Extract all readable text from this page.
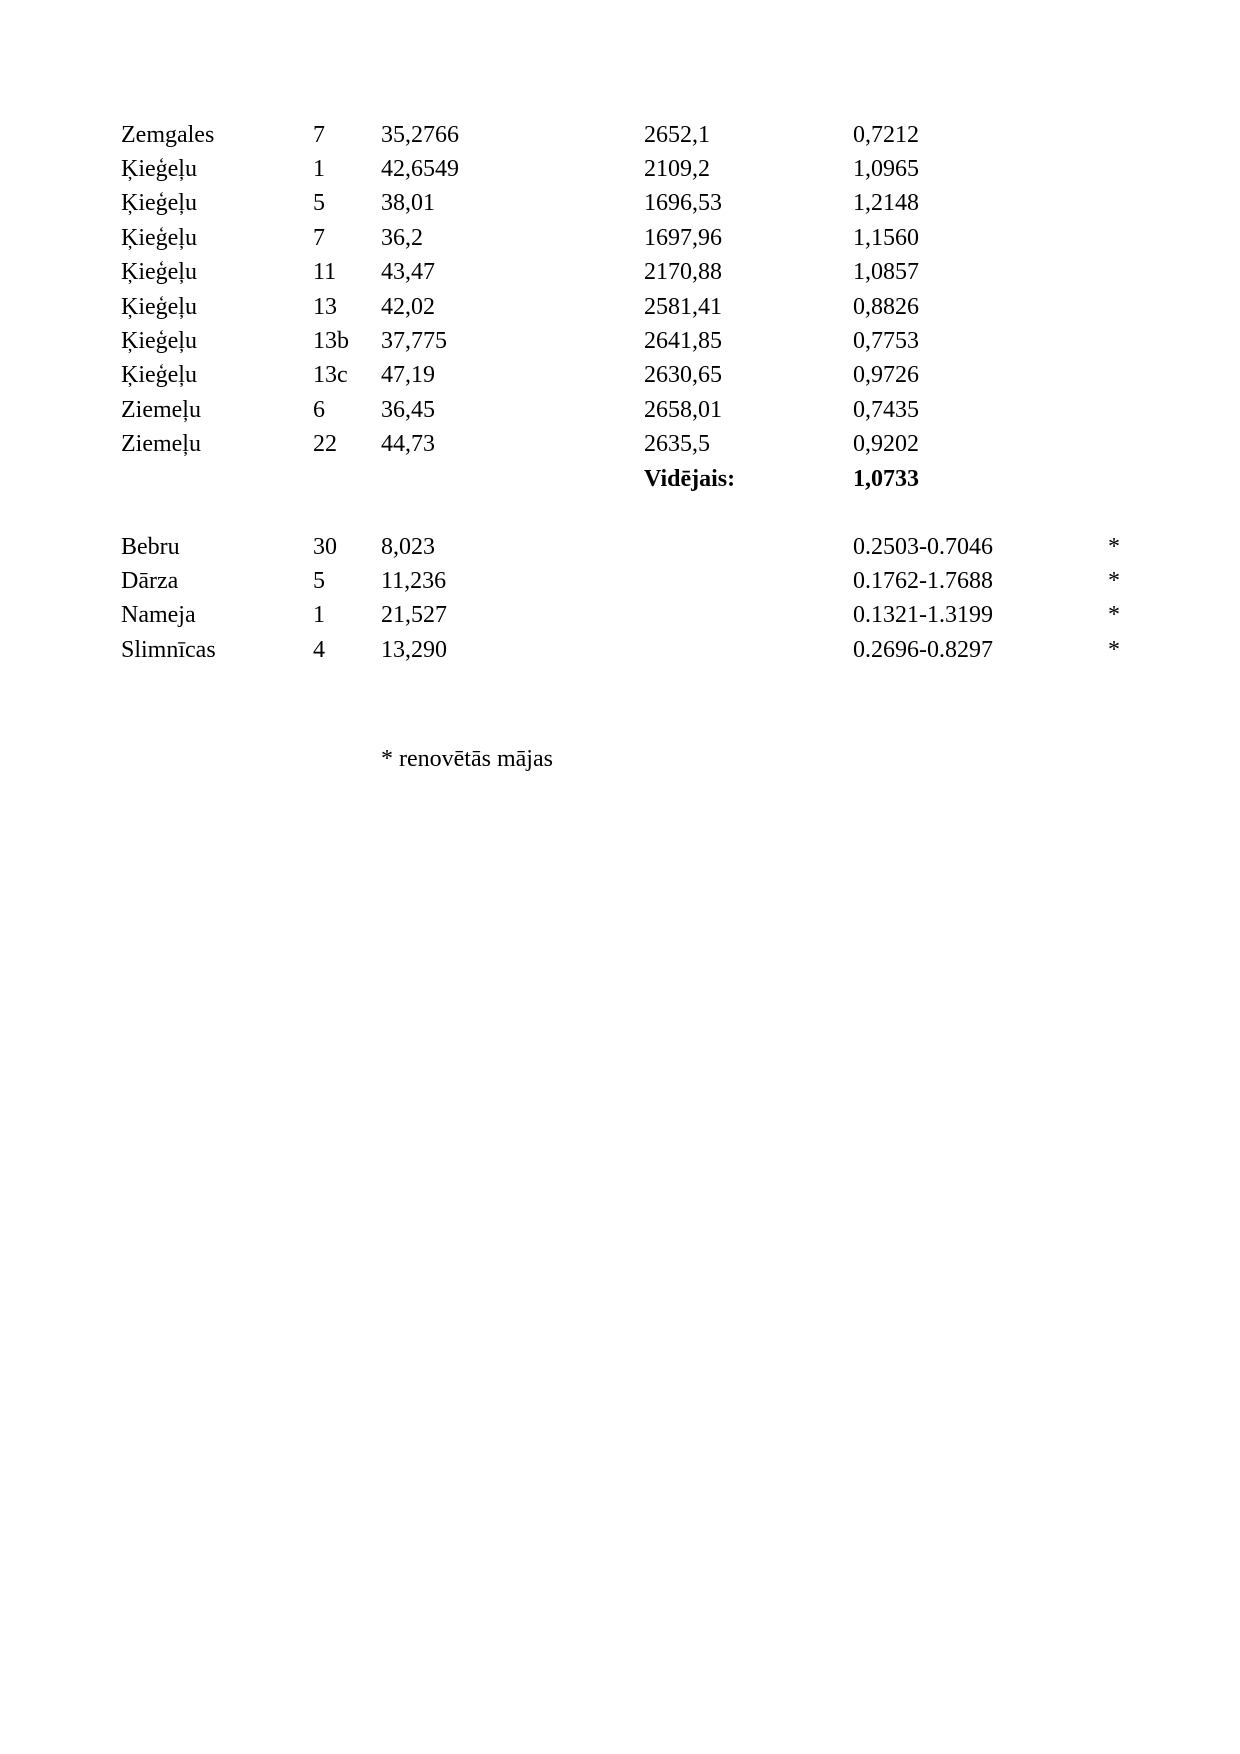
Zemgales	7 35,2766	2652,1	0,7212
Ķieģeļu	1 42,6549	2109,2	1,0965
Ķieģeļu	5 38,01	1696,53	1,2148
Ķieģeļu	7 36,2	1697,96	1,1560
Ķieģeļu	11 43,47	2170,88	1,0857
Ķieģeļu	13 42,02	2581,41	0,8826
Ķieģeļu	13b 37,775	2641,85	0,7753
Ķieģeļu	13c 47,19	2630,65	0,9726
Ziemeļu	6 36,45	2658,01	0,7435
Ziemeļu	22 44,73	2635,5	0,9202
Vidējais:	1,0733
Bebru	30 8,023	0.2503-0.7046	*
Dārza	5 11,236	0.1762-1.7688	*
Nameja	1 21,527	0.1321-1.3199	*
Slimnīcas	4 13,290	0.2696-0.8297	*
* renovētās mājas
